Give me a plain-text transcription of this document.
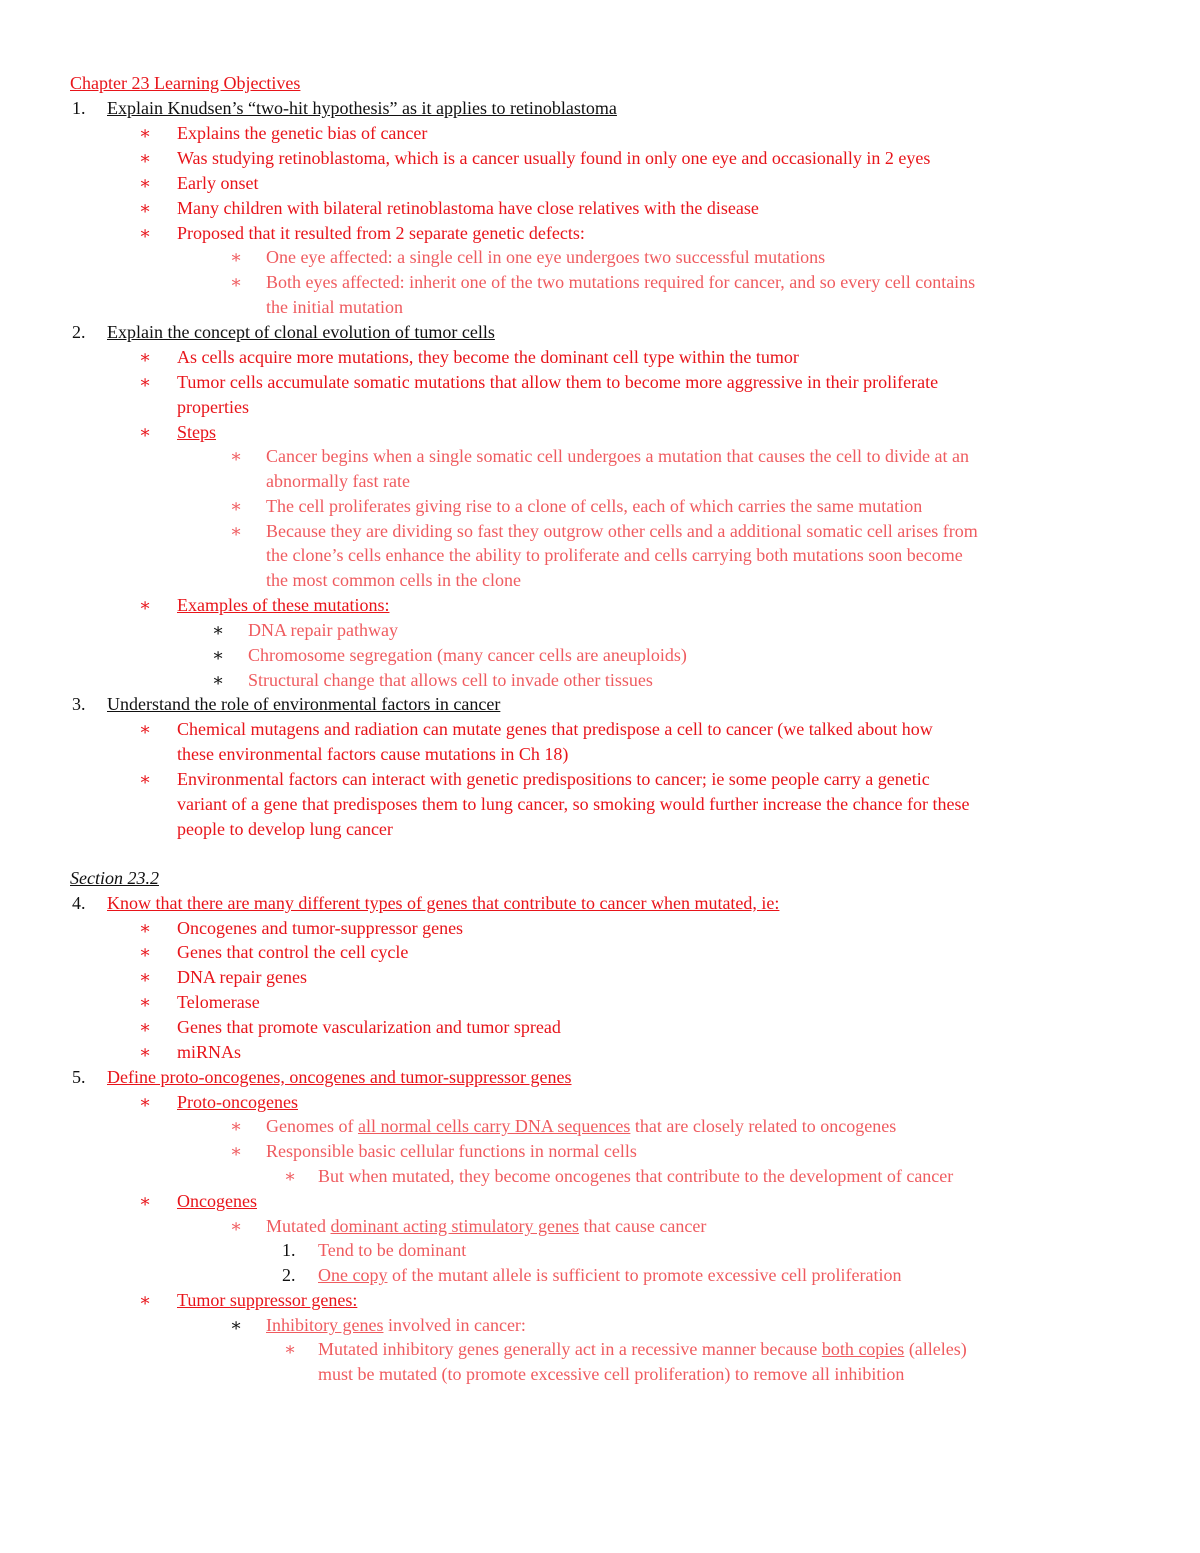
Chapter 23 Learning Objectives
1. Explain Knudsen’s “two-hit hypothesis” as it applies to retinoblastoma
∗ Explains the genetic bias of cancer
∗ Was studying retinoblastoma, which is a cancer usually found in only one eye and occasionally in 2 eyes
∗ Early onset
∗ Many children with bilateral retinoblastoma have close relatives with the disease
∗ Proposed that it resulted from 2 separate genetic defects:
∗ One eye affected: a single cell in one eye undergoes two successful mutations
∗ Both eyes affected: inherit one of the two mutations required for cancer, and so every cell contains
the initial mutation
2. Explain the concept of clonal evolution of tumor cells
∗ As cells acquire more mutations, they become the dominant cell type within the tumor
∗ Tumor cells accumulate somatic mutations that allow them to become more aggressive in their proliferate
properties
∗ Steps
∗ Cancer begins when a single somatic cell undergoes a mutation that causes the cell to divide at an
abnormally fast rate
∗ The cell proliferates giving rise to a clone of cells, each of which carries the same mutation
∗ Because they are dividing so fast they outgrow other cells and a additional somatic cell arises from
the clone’s cells enhance the ability to proliferate and cells carrying both mutations soon become
the most common cells in the clone
∗ Examples of these mutations:
∗ DNA repair pathway
∗ Chromosome segregation (many cancer cells are aneuploids)
∗ Structural change that allows cell to invade other tissues
3. Understand the role of environmental factors in cancer
∗ Chemical mutagens and radiation can mutate genes that predispose a cell to cancer (we talked about how
these environmental factors cause mutations in Ch 18)
∗ Environmental factors can interact with genetic predispositions to cancer; ie some people carry a genetic
variant of a gene that predisposes them to lung cancer, so smoking would further increase the chance for these
people to develop lung cancer
Section 23.2
4. Know that there are many different types of genes that contribute to cancer when mutated, ie:
∗ Oncogenes and tumor-suppressor genes
∗ Genes that control the cell cycle
∗ DNA repair genes
∗ Telomerase
∗ Genes that promote vascularization and tumor spread
∗ miRNAs
5. Define proto-oncogenes, oncogenes and tumor-suppressor genes
∗ Proto-oncogenes
∗ Genomes of all normal cells carry DNA sequences that are closely related to oncogenes
∗ Responsible basic cellular functions in normal cells
∗ But when mutated, they become oncogenes that contribute to the development of cancer
∗ Oncogenes
∗ Mutated dominant acting stimulatory genes that cause cancer
1. Tend to be dominant
2. One copy of the mutant allele is sufficient to promote excessive cell proliferation
∗ Tumor suppressor genes:
∗ Inhibitory genes involved in cancer:
∗ Mutated inhibitory genes generally act in a recessive manner because both copies (alleles)
must be mutated (to promote excessive cell proliferation) to remove all inhibition
